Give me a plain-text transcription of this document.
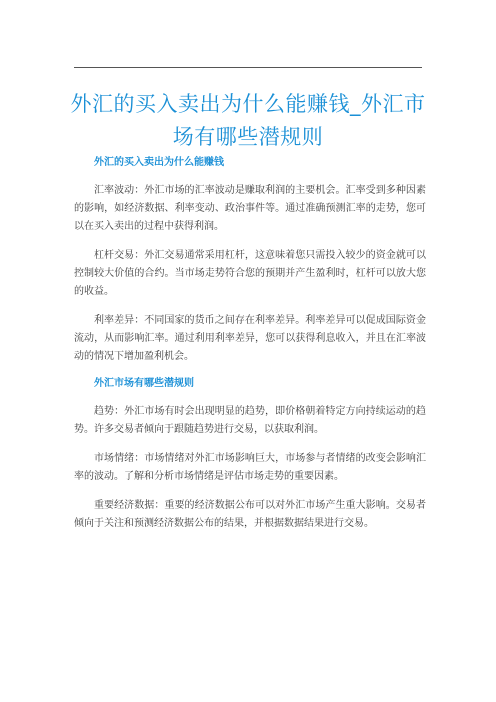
外汇的买入卖出为什么能赚钱_外汇市场有哪些潜规则
外汇的买入卖出为什么能赚钱

汇率波动：外汇市场的汇率波动是赚取利润的主要机会。汇率受到多种因素的影响，如经济数据、利率变动、政治事件等。通过准确预测汇率的走势，您可以在买入卖出的过程中获得利润。

杠杆交易：外汇交易通常采用杠杆，这意味着您只需投入较少的资金就可以控制较大价值的合约。当市场走势符合您的预期并产生盈利时，杠杆可以放大您的收益。

利率差异：不同国家的货币之间存在利率差异。利率差异可以促成国际资金流动，从而影响汇率。通过利用利率差异，您可以获得利息收入，并且在汇率波动的情况下增加盈利机会。

外汇市场有哪些潜规则

趋势：外汇市场有时会出现明显的趋势，即价格朝着特定方向持续运动的趋势。许多交易者倾向于跟随趋势进行交易，以获取利润。

市场情绪：市场情绪对外汇市场影响巨大，市场参与者情绪的改变会影响汇率的波动。了解和分析市场情绪是评估市场走势的重要因素。

重要经济数据：重要的经济数据公布可以对外汇市场产生重大影响。交易者倾向于关注和预测经济数据公布的结果，并根据数据结果进行交易。
